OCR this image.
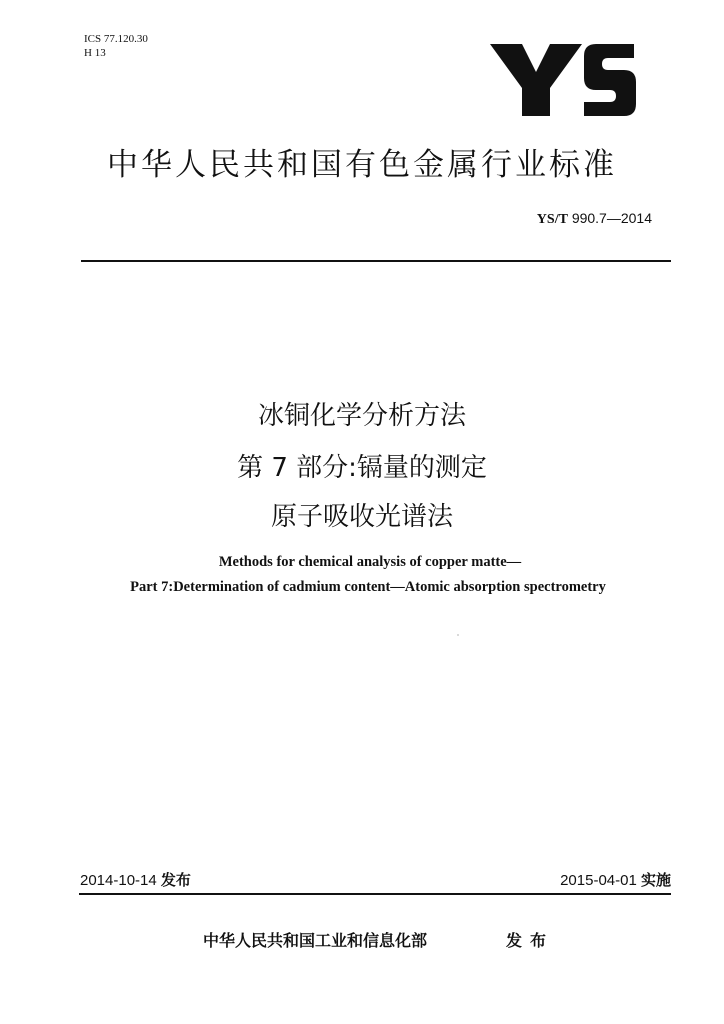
ICS 77.120.30
H 13
中华人民共和国有色金属行业标准
YS/T 990.7—2014
冰铜化学分析方法
第 7 部分:镉量的测定
原子吸收光谱法
Methods for chemical analysis of copper matte—
Part 7:Determination of cadmium content—Atomic absorption spectrometry
2014-10-14 发布	2015-04-01 实施
中华人民共和国工业和信息化部	发布
